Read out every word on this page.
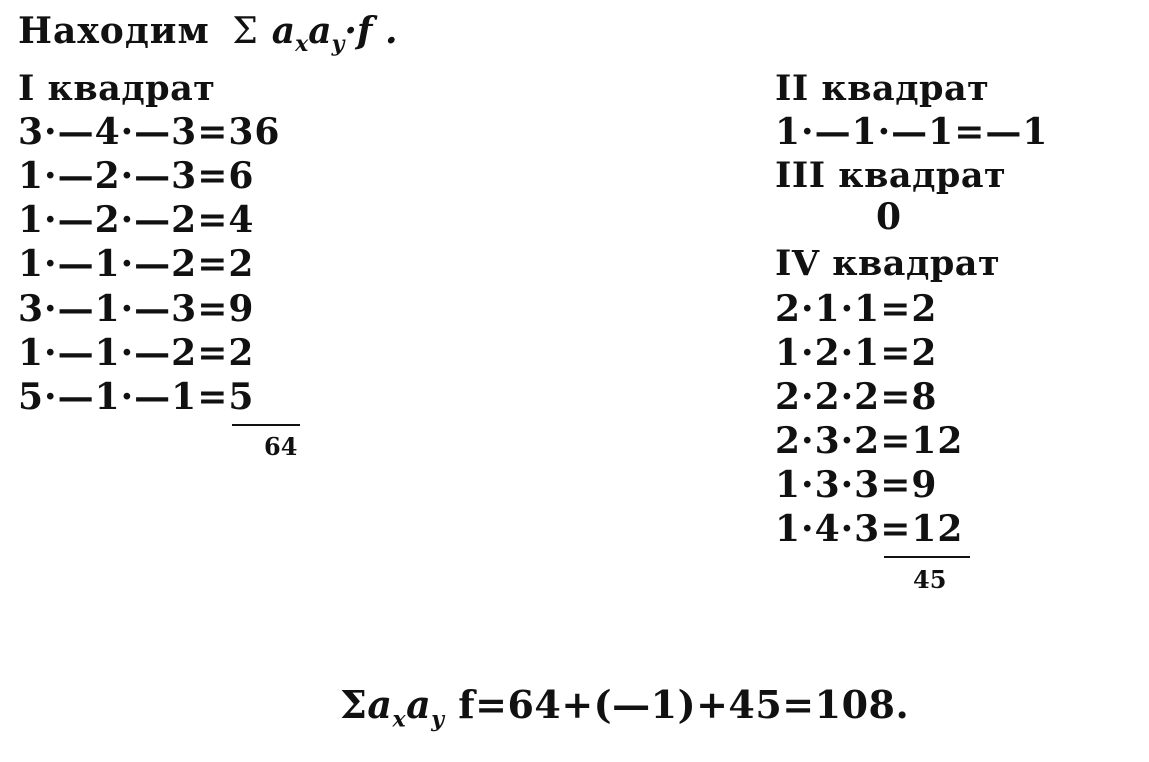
Находим Σ $a_xa_y\cdot f$ .
I квадрат
3·—4·—3=36
1·—2·—3=6
1·—2·—2=4
1·—1·—2=2
3·—1·—3=9
1·—1·—2=2
5·—1·—1=5
64
II квадрат
1·—1·—1=—1
III квадрат
0
IV квадрат
2·1·1=2
1·2·1=2
2·2·2=8
2·3·2=12
1·3·3=9
1·4·3=12
45
$\Sigma a_xa_y$ f=64+(—1)+45=108.
